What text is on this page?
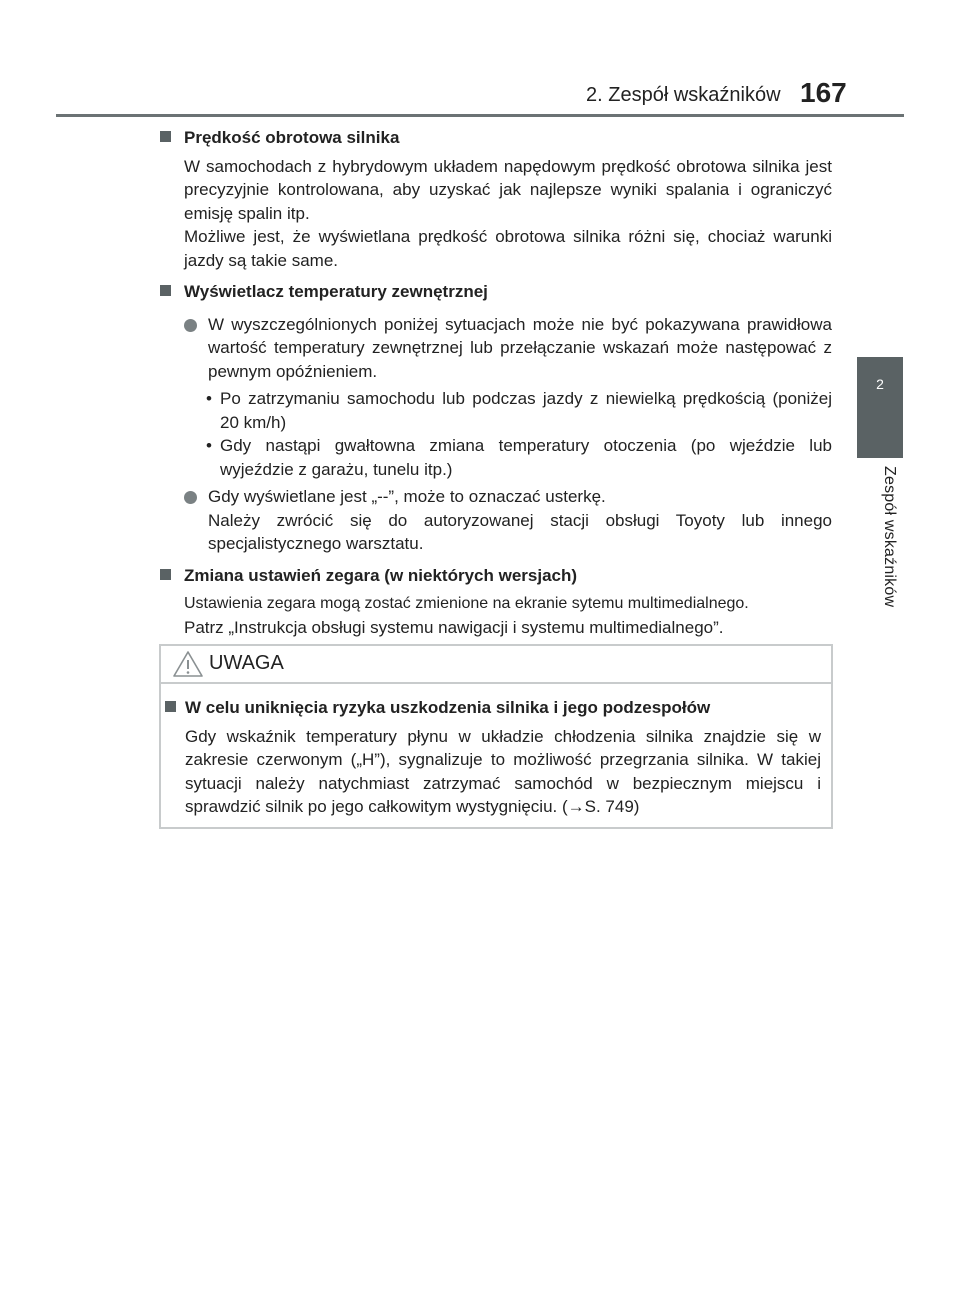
2. Zespół wskaźników 167
2
Zespół wskaźników
Prędkość obrotowa silnika

W samochodach z hybrydowym układem napędowym prędkość obrotowa silnika jest precyzyjnie kontrolowana, aby uzyskać jak najlepsze wyniki spalania i ograniczyć emisję spalin itp.

Możliwe jest, że wyświetlana prędkość obrotowa silnika różni się, chociaż warunki jazdy są takie same.

Wyświetlacz temperatury zewnętrznej
W wyszczególnionych poniżej sytuacjach może nie być pokazywana prawidłowa wartość temperatury zewnętrznej lub przełączanie wskazań może następować z pewnym opóźnieniem.
• Po zatrzymaniu samochodu lub podczas jazdy z niewielką prędkością (poniżej 20 km/h)
• Gdy nastąpi gwałtowna zmiana temperatury otoczenia (po wjeździe lub wyjeździe z garażu, tunelu itp.)
Gdy wyświetlane jest „--”, może to oznaczać usterkę.
Należy zwrócić się do autoryzowanej stacji obsługi Toyoty lub innego specjalistycznego warsztatu.
Zmiana ustawień zegara (w niektórych wersjach)

Ustawienia zegara mogą zostać zmienione na ekranie sytemu multimedialnego.

Patrz „Instrukcja obsługi systemu nawigacji i systemu multimedialnego”.

UWAGA
W celu uniknięcia ryzyka uszkodzenia silnika i jego podzespołów

Gdy wskaźnik temperatury płynu w układzie chłodzenia silnika znajdzie się w zakresie czerwonym („H”), sygnalizuje to możliwość przegrzania silnika. W takiej sytuacji należy natychmiast zatrzymać samochód w bezpiecznym miejscu i sprawdzić silnik po jego całkowitym wystygnięciu. (→S. 749)
